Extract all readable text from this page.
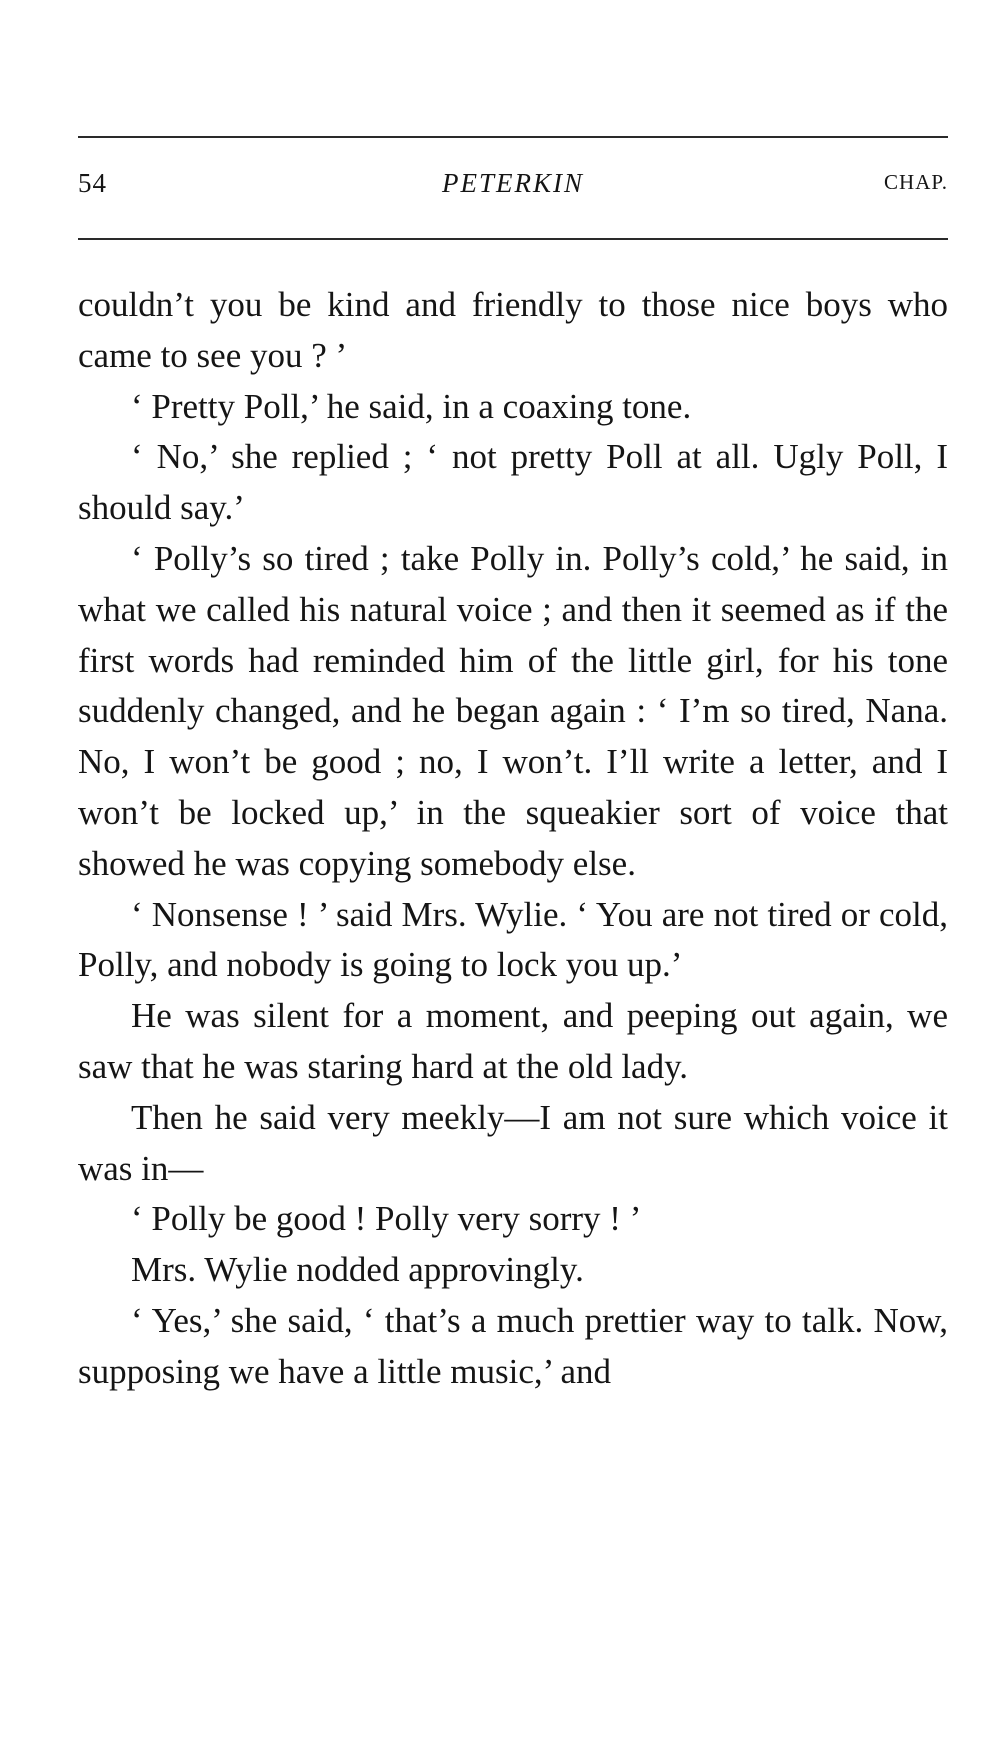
54	PETERKIN	CHAP.

couldn’t you be kind and friendly to those nice boys who came to see you ? ’

‘ Pretty Poll,’ he said, in a coaxing tone.

‘ No,’ she replied ; ‘ not pretty Poll at all. Ugly Poll, I should say.’

‘ Polly’s so tired ; take Polly in. Polly’s cold,’ he said, in what we called his natural voice ; and then it seemed as if the first words had reminded him of the little girl, for his tone suddenly changed, and he began again : ‘ I’m so tired, Nana. No, I won’t be good ; no, I won’t. I’ll write a letter, and I won’t be locked up,’ in the squeakier sort of voice that showed he was copying somebody else.

‘ Nonsense ! ’ said Mrs. Wylie. ‘ You are not tired or cold, Polly, and nobody is going to lock you up.’

He was silent for a moment, and peeping out again, we saw that he was staring hard at the old lady.

Then he said very meekly—I am not sure which voice it was in—

‘ Polly be good ! Polly very sorry ! ’

Mrs. Wylie nodded approvingly.

‘ Yes,’ she said, ‘ that’s a much prettier way to talk. Now, supposing we have a little music,’ and
